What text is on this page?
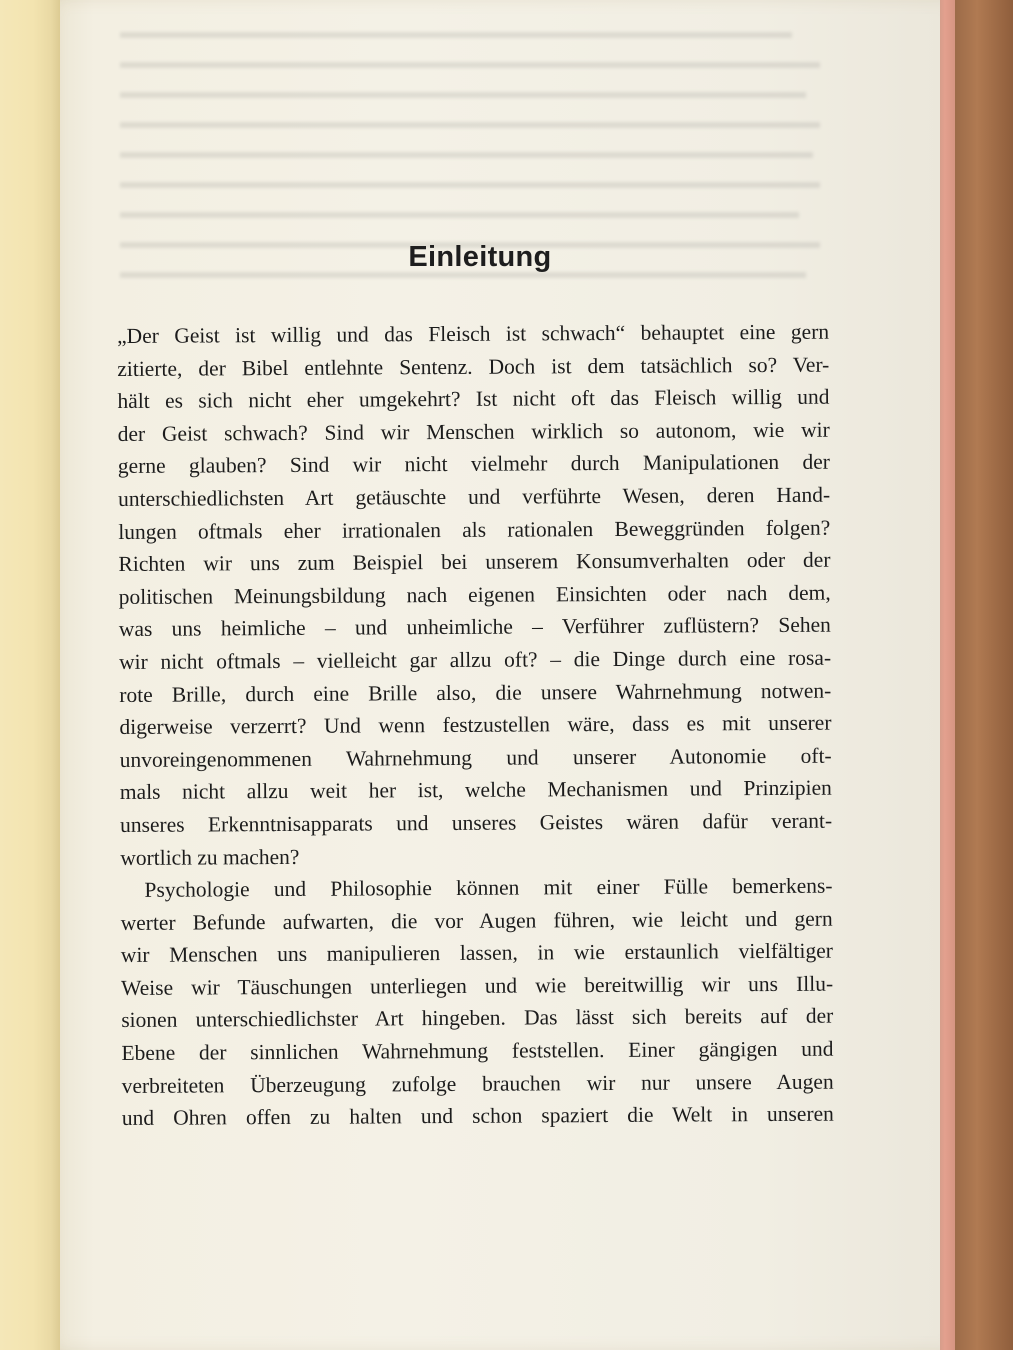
Einleitung
„Der Geist ist willig und das Fleisch ist schwach“ behauptet eine gern
zitierte, der Bibel entlehnte Sentenz. Doch ist dem tatsächlich so? Ver-
hält es sich nicht eher umgekehrt? Ist nicht oft das Fleisch willig und
der Geist schwach? Sind wir Menschen wirklich so autonom, wie wir
gerne glauben? Sind wir nicht vielmehr durch Manipulationen der
unterschiedlichsten Art getäuschte und verführte Wesen, deren Hand-
lungen oftmals eher irrationalen als rationalen Beweggründen folgen?
Richten wir uns zum Beispiel bei unserem Konsumverhalten oder der
politischen Meinungsbildung nach eigenen Einsichten oder nach dem,
was uns heimliche – und unheimliche – Verführer zuflüstern? Sehen
wir nicht oftmals – vielleicht gar allzu oft? – die Dinge durch eine rosa-
rote Brille, durch eine Brille also, die unsere Wahrnehmung notwen-
digerweise verzerrt? Und wenn festzustellen wäre, dass es mit unserer
unvoreingenommenen Wahrnehmung und unserer Autonomie oft-
mals nicht allzu weit her ist, welche Mechanismen und Prinzipien
unseres Erkenntnisapparats und unseres Geistes wären dafür verant-
wortlich zu machen?
Psychologie und Philosophie können mit einer Fülle bemerkens-
werter Befunde aufwarten, die vor Augen führen, wie leicht und gern
wir Menschen uns manipulieren lassen, in wie erstaunlich vielfältiger
Weise wir Täuschungen unterliegen und wie bereitwillig wir uns Illu-
sionen unterschiedlichster Art hingeben. Das lässt sich bereits auf der
Ebene der sinnlichen Wahrnehmung feststellen. Einer gängigen und
verbreiteten Überzeugung zufolge brauchen wir nur unsere Augen
und Ohren offen zu halten und schon spaziert die Welt in unseren
